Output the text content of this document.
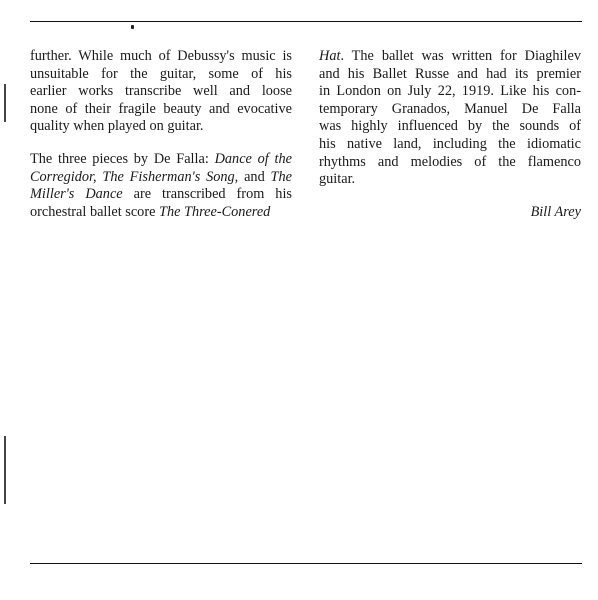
further. While much of Debussy's music is
unsuitable for the guitar, some of his
earlier works transcribe well and loose
none of their fragile beauty and evocative
quality when played on guitar.

The three pieces by De Falla: Dance of the
Corregidor, The Fisherman's Song, and The
Miller's Dance are transcribed from his
orchestral ballet score The Three-Conered

Hat. The ballet was written for Diaghilev
and his Ballet Russe and had its premier
in London on July 22, 1919. Like his con-
temporary Granados, Manuel De Falla
was highly influenced by the sounds of
his native land, including the idiomatic
rhythms and melodies of the flamenco
guitar.

Bill Arey
